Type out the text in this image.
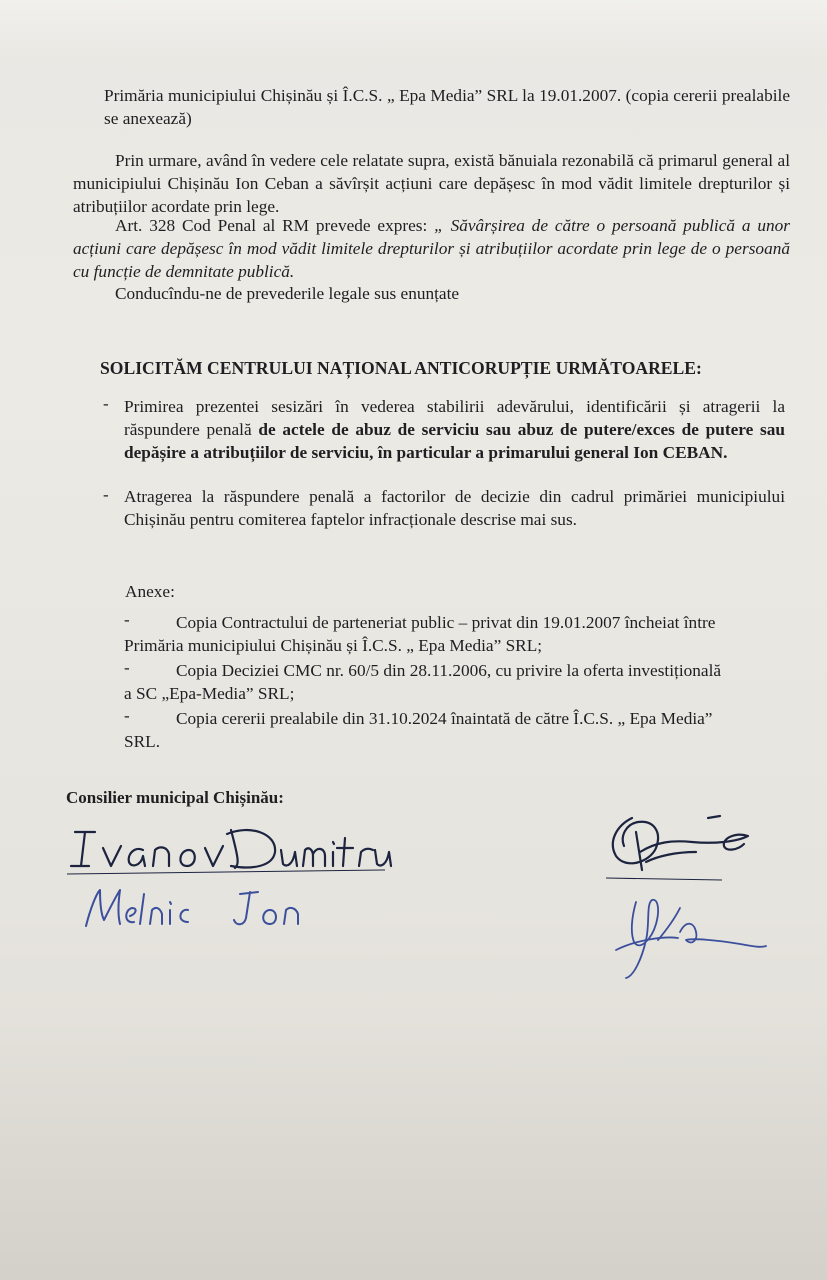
Primăria municipiului Chișinău și Î.C.S. „ Epa Media” SRL la 19.01.2007. (copia cererii prealabile se anexează)

Prin urmare, având în vedere cele relatate supra, există bănuiala rezonabilă că primarul general al municipiului Chișinău Ion Ceban a săvîrșit acțiuni care depășesc în mod vădit limitele drepturilor și atribuțiilor acordate prin lege.

Art. 328 Cod Penal al RM prevede expres: „ Săvârșirea de către o persoană publică a unor acțiuni care depășesc în mod vădit limitele drepturilor și atribuțiilor acordate prin lege de o persoană cu funcție de demnitate publică.

Conducîndu-ne de prevederile legale sus enunțate

SOLICITĂM CENTRULUI NAȚIONAL ANTICORUPȚIE URMĂTOARELE:

- Primirea prezentei sesizări în vederea stabilirii adevărului, identificării și atragerii la răspundere penală de actele de abuz de serviciu sau abuz de putere/exces de putere sau depășire a atribuțiilor de serviciu, în particular a primarului general Ion CEBAN.

- Atragerea la răspundere penală a factorilor de decizie din cadrul primăriei municipiului Chișinău pentru comiterea faptelor infracționale descrise mai sus.

Anexe:

-	Copia Contractului de parteneriat public – privat din 19.01.2007 încheiat între

Primăria municipiului Chișinău și Î.C.S. „ Epa Media” SRL;

-	Copia Deciziei CMC nr. 60/5 din 28.11.2006, cu privire la oferta investițională

a SC „Epa-Media” SRL;

-	Copia cererii prealabile din 31.10.2024 înaintată de către Î.C.S. „ Epa Media”

SRL.

Consilier municipal Chișinău:
